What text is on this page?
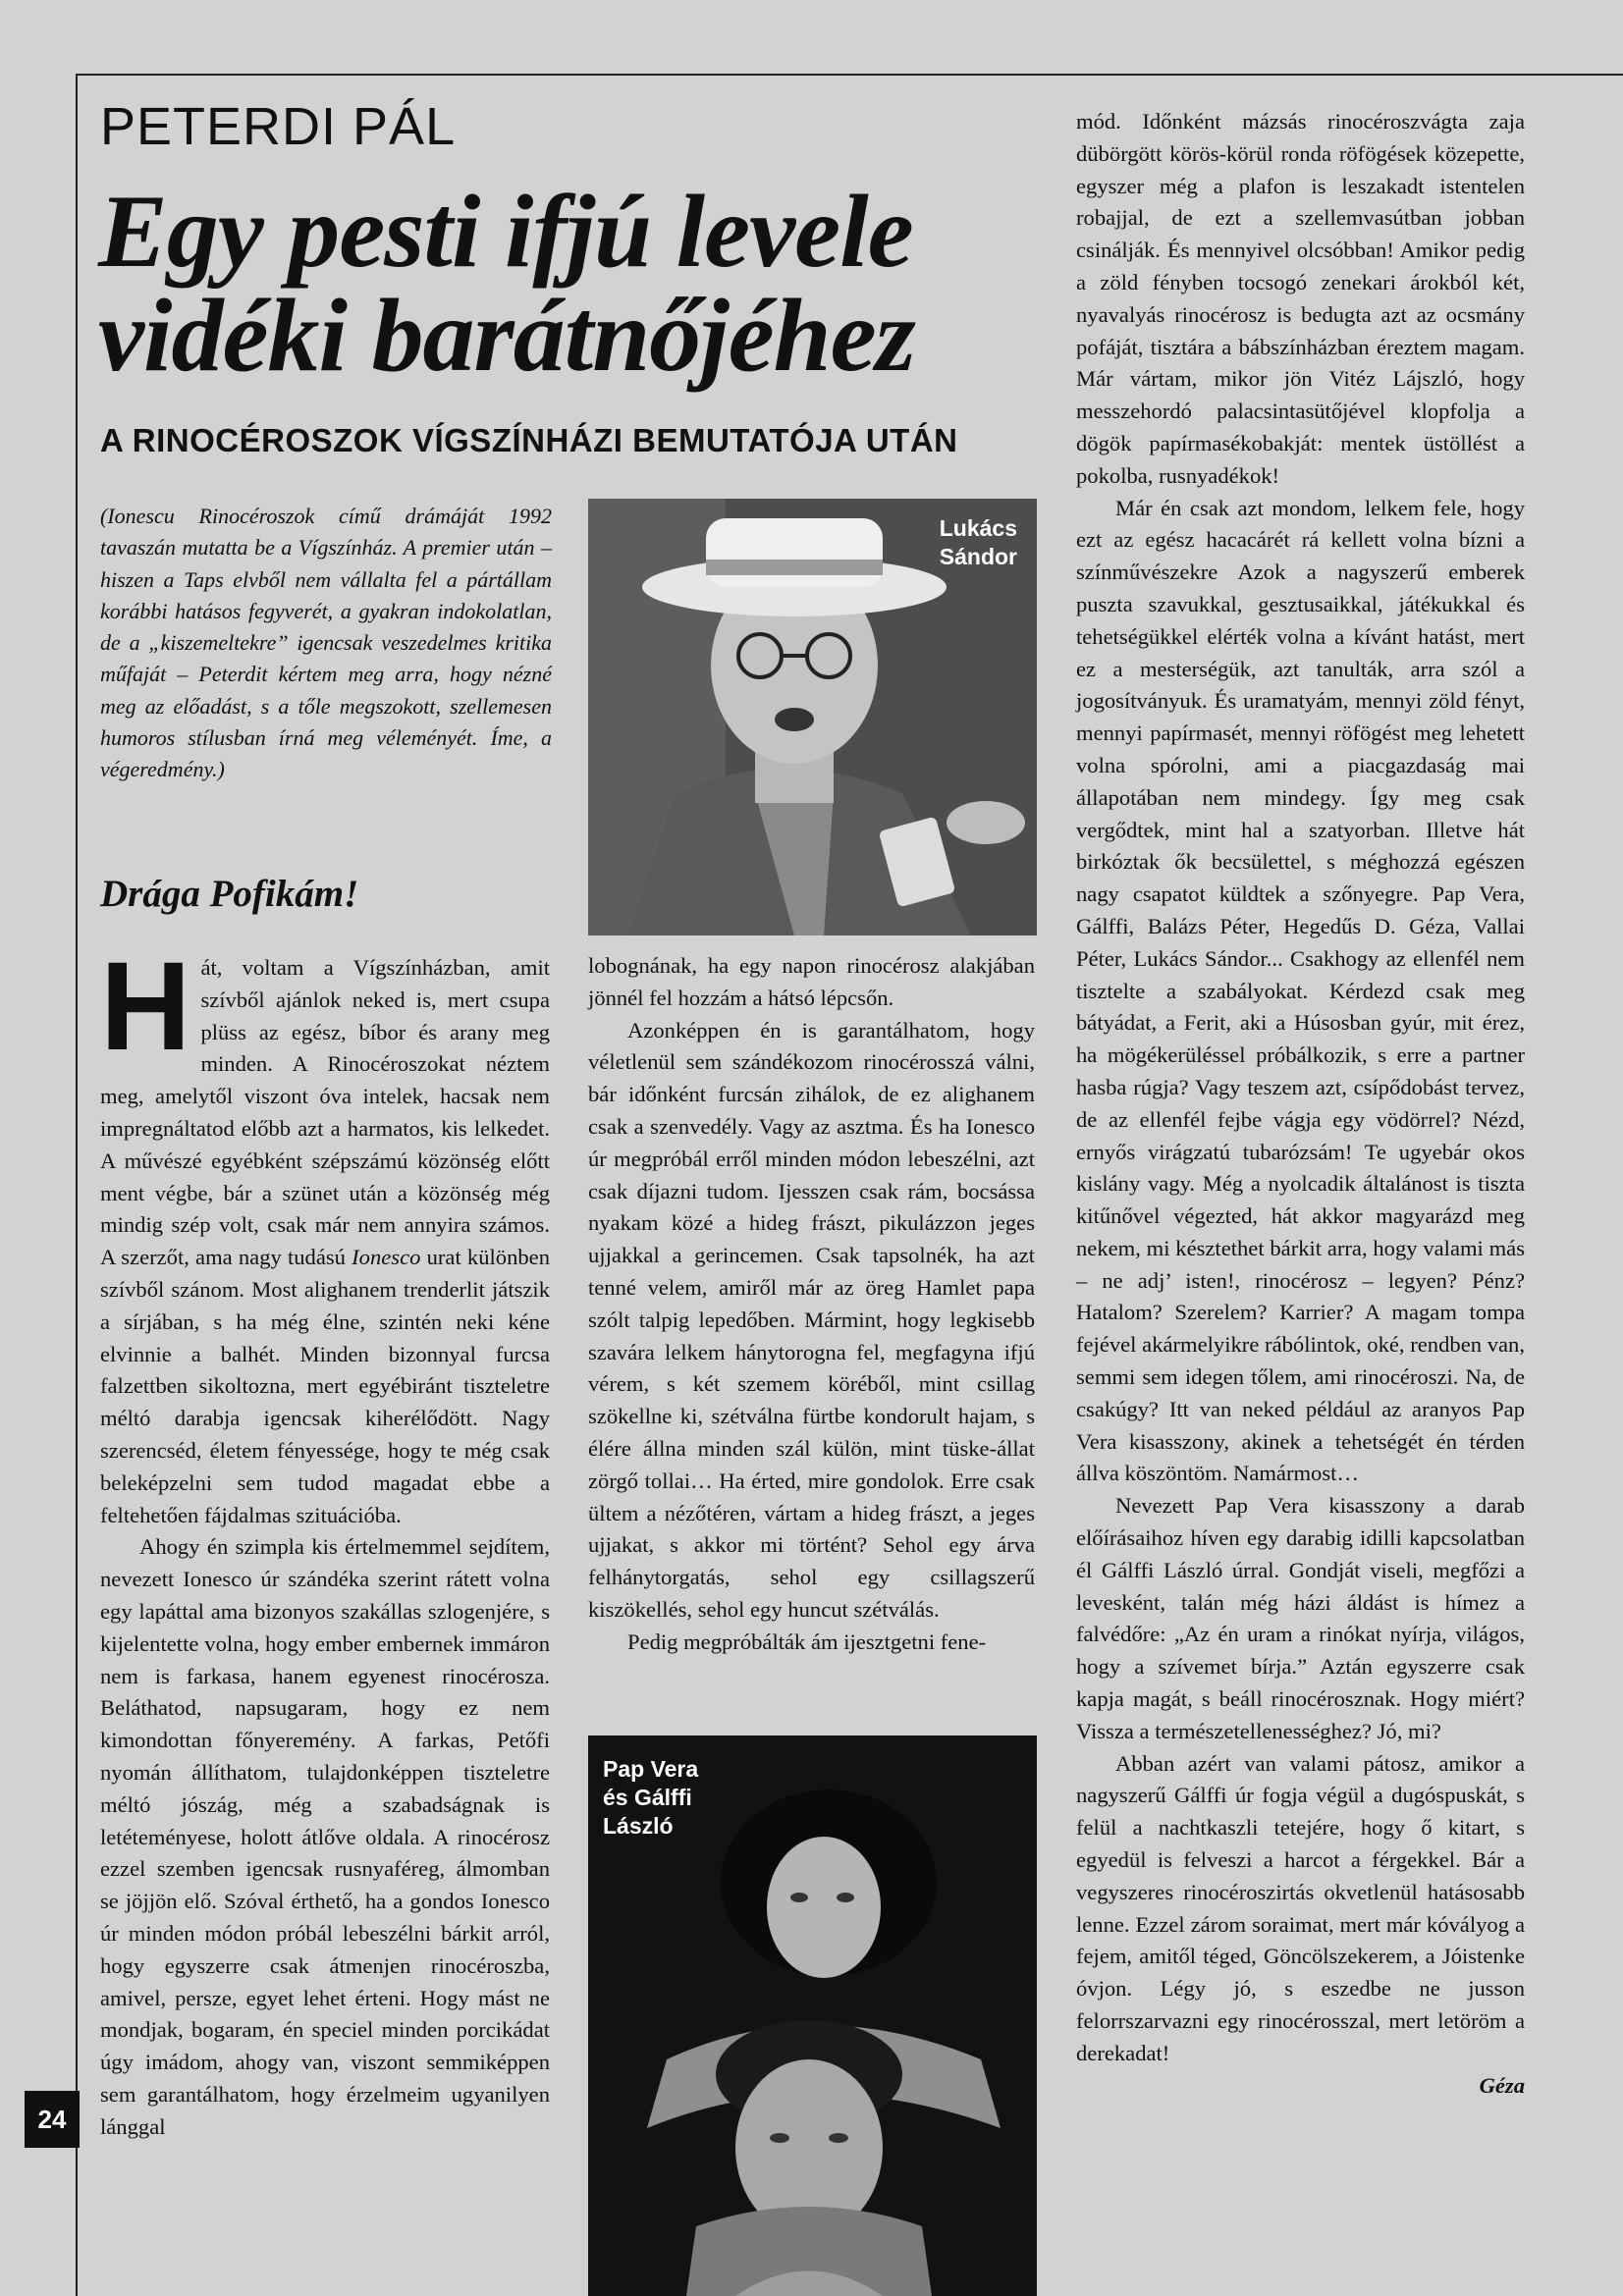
PETERDI PÁL
Egy pesti ifjú levele
vidéki barátnőjéhez
A RINOCÉROSZOK VÍGSZÍNHÁZI BEMUTATÓJA UTÁN

(Ionescu Rinocéroszok című drámáját 1992 tavaszán mutatta be a Vígszínház. A premier után – hiszen a Taps elvből nem vállalta fel a pártállam korábbi hatásos fegyverét, a gyakran indokolatlan, de a „kiszemeltekre” igencsak veszedelmes kritika műfaját – Peterdit kértem meg arra, hogy nézné meg az előadást, s a tőle megszokott, szellemesen humoros stílusban írná meg véleményét. Íme, a végeredmény.)

Drága Pofikám!

Hát, voltam a Vígszínházban, amit szívből ajánlok neked is, mert csupa plüss az egész, bíbor és arany meg minden. A Rinocéroszokat néztem meg, amelytől viszont óva intelek, hacsak nem impregnáltatod előbb azt a harmatos, kis lelkedet. A művészé egyébként szépszámú közönség előtt ment végbe, bár a szünet után a közönség még mindig szép volt, csak már nem annyira számos. A szerzőt, ama nagy tudású Ionesco urat különben szívből szánom. Most alighanem trenderlit játszik a sírjában, s ha még élne, szintén neki kéne elvinnie a balhét. Minden bizonnyal furcsa falzettben sikoltozna, mert egyébiránt tiszteletre méltó darabja igencsak kiherélődött. Nagy szerencséd, életem fényessége, hogy te még csak beleképzelni sem tudod magadat ebbe a feltehetően fájdalmas szituációba.

Ahogy én szimpla kis értelmemmel sejdítem, nevezett Ionesco úr szándéka szerint rátett volna egy lapáttal ama bizonyos szakállas szlogenjére, s kijelentette volna, hogy ember embernek immáron nem is farkasa, hanem egyenest rinocérosza. Beláthatod, napsugaram, hogy ez nem kimondottan főnyeremény. A farkas, Petőfi nyomán állíthatom, tulajdonképpen tiszteletre méltó jószág, még a szabadságnak is letéteményese, holott átlőve oldala. A rinocérosz ezzel szemben igencsak rusnyaféreg, álmomban se jöjjön elő. Szóval érthető, ha a gondos Ionesco úr minden módon próbál lebeszélni bárkit arról, hogy egyszerre csak átmenjen rinocéroszba, amivel, persze, egyet lehet érteni. Hogy mást ne mondjak, bogaram, én speciel minden porcikádat úgy imádom, ahogy van, viszont semmiképpen sem garantálhatom, hogy érzelmeim ugyanilyen lánggal

Lukács
Sándor

lobognának, ha egy napon rinocérosz alakjában jönnél fel hozzám a hátsó lépcsőn.

Azonképpen én is garantálhatom, hogy véletlenül sem szándékozom rinocérosszá válni, bár időnként furcsán zihálok, de ez alighanem csak a szenvedély. Vagy az asztma. És ha Ionesco úr megpróbál erről minden módon lebeszélni, azt csak díjazni tudom. Ijesszen csak rám, bocsássa nyakam közé a hideg frászt, pikulázzon jeges ujjakkal a gerincemen. Csak tapsolnék, ha azt tenné velem, amiről már az öreg Hamlet papa szólt talpig lepedőben. Mármint, hogy legkisebb szavára lelkem hánytorogna fel, megfagyna ifjú vérem, s két szemem köréből, mint csillag szökellne ki, szétválna fürtbe kondorult hajam, s élére állna minden szál külön, mint tüske-állat zörgő tollai… Ha érted, mire gondolok. Erre csak ültem a nézőtéren, vártam a hideg frászt, a jeges ujjakat, s akkor mi történt? Sehol egy árva felhánytorgatás, sehol egy csillagszerű kiszökellés, sehol egy huncut szétválás.

Pedig megpróbálták ám ijesztgetni fene-

Pap Vera
és Gálffi
László

mód. Időnként mázsás rinocéroszvágta zaja dübörgött körös-körül ronda röfögések közepette, egyszer még a plafon is leszakadt istentelen robajjal, de ezt a szellemvasútban jobban csinálják. És mennyivel olcsóbban! Amikor pedig a zöld fényben tocsogó zenekari árokból két, nyavalyás rinocérosz is bedugta azt az ocsmány pofáját, tisztára a bábszínházban éreztem magam. Már vártam, mikor jön Vitéz Lájszló, hogy messzehordó palacsintasütőjével klopfolja a dögök papírmasékobakját: mentek üstöllést a pokolba, rusnyadékok!

Már én csak azt mondom, lelkem fele, hogy ezt az egész hacacárét rá kellett volna bízni a színművészekre Azok a nagyszerű emberek puszta szavukkal, gesztusaikkal, játékukkal és tehetségükkel elérték volna a kívánt hatást, mert ez a mesterségük, azt tanulták, arra szól a jogosítványuk. És uramatyám, mennyi zöld fényt, mennyi papírmasét, mennyi röfögést meg lehetett volna spórolni, ami a piacgazdaság mai állapotában nem mindegy. Így meg csak vergődtek, mint hal a szatyorban. Illetve hát birkóztak ők becsülettel, s méghozzá egészen nagy csapatot küldtek a szőnyegre. Pap Vera, Gálffi, Balázs Péter, Hegedűs D. Géza, Vallai Péter, Lukács Sándor... Csakhogy az ellenfél nem tisztelte a szabályokat. Kérdezd csak meg bátyádat, a Ferit, aki a Húsosban gyúr, mit érez, ha mögékerüléssel próbálkozik, s erre a partner hasba rúgja? Vagy teszem azt, csípődobást tervez, de az ellenfél fejbe vágja egy vödörrel? Nézd, ernyős virágzatú tubarózsám! Te ugyebár okos kislány vagy. Még a nyolcadik általánost is tiszta kitűnővel végezted, hát akkor magyarázd meg nekem, mi késztethet bárkit arra, hogy valami más – ne adj’ isten!, rinocérosz – legyen? Pénz? Hatalom? Szerelem? Karrier? A magam tompa fejével akármelyikre rábólintok, oké, rendben van, semmi sem idegen tőlem, ami rinocéroszi. Na, de csakúgy? Itt van neked például az aranyos Pap Vera kisasszony, akinek a tehetségét én térden állva köszöntöm. Namármost…

Nevezett Pap Vera kisasszony a darab előírásaihoz híven egy darabig idilli kapcsolatban él Gálffi László úrral. Gondját viseli, megfőzi a levesként, talán még házi áldást is hímez a falvédőre: „Az én uram a rinókat nyírja, világos, hogy a szívemet bírja.” Aztán egyszerre csak kapja magát, s beáll rinocérosznak. Hogy miért? Vissza a természetellenességhez? Jó, mi?

Abban azért van valami pátosz, amikor a nagyszerű Gálffi úr fogja végül a dugóspuskát, s felül a nachtkaszli tetejére, hogy ő kitart, s egyedül is felveszi a harcot a férgekkel. Bár a vegyszeres rinocéroszirtás okvetlenül hatásosabb lenne. Ezzel zárom soraimat, mert már kóvályog a fejem, amitől téged, Göncölszekerem, a Jóistenke óvjon. Légy jó, s eszedbe ne jusson felorrszarvazni egy rinocérosszal, mert letöröm a derekadat!

Géza

24
